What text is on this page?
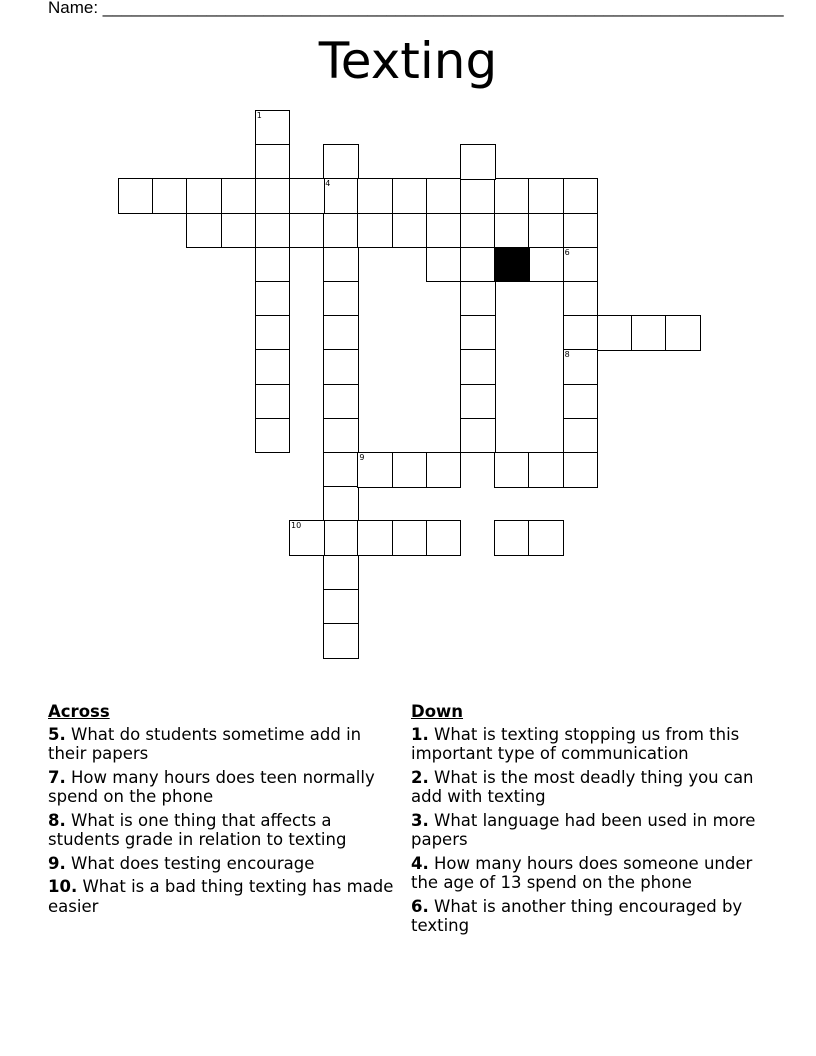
Name: ________________________________________________________________________
Texting
1
4
6
8
9
10
Across
5. What do students sometime add in their papers
7. How many hours does teen normally spend on the phone
8. What is one thing that affects a students grade in relation to texting
9. What does testing encourage
10. What is a bad thing texting has made easier
Down
1. What is texting stopping us from this important type of communication
2. What is the most deadly thing you can add with texting
3. What language had been used in more papers
4. How many hours does someone under the age of 13 spend on the phone
6. What is another thing encouraged by texting
